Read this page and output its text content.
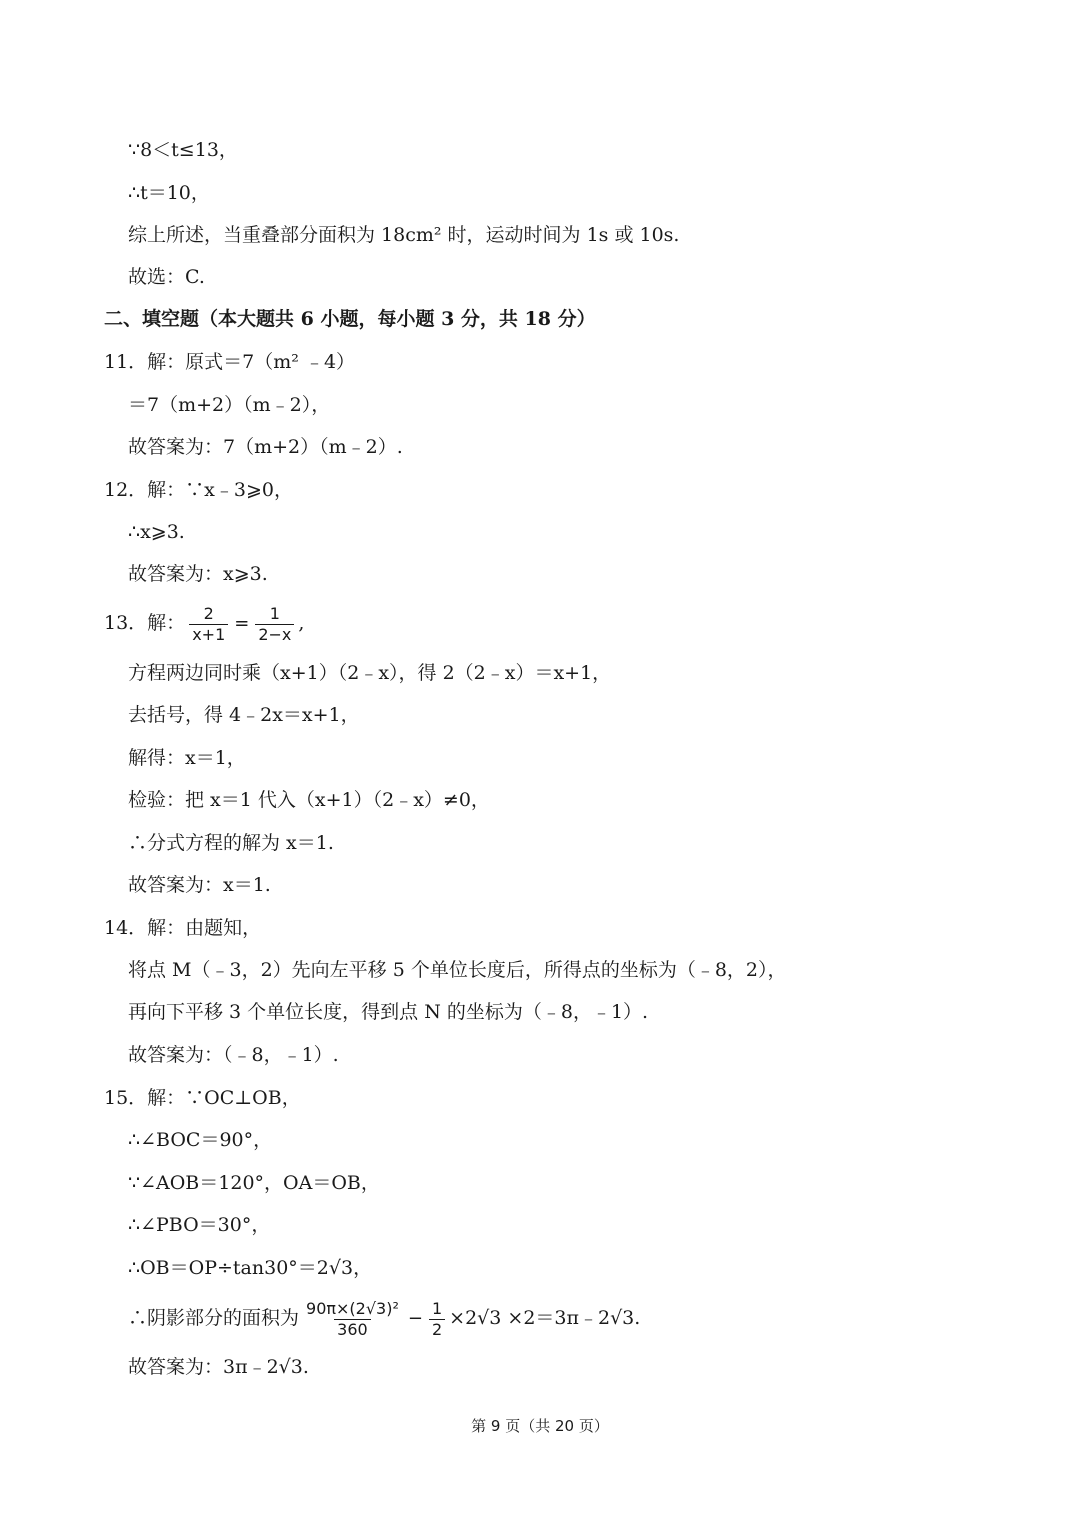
∵8＜t≤13，

∴t＝10，

综上所述，当重叠部分面积为 18cm² 时，运动时间为 1s 或 10s.

故选：C.

二、填空题（本大题共 6 小题，每小题 3 分，共 18 分）

11．解：原式＝7（m² ﹣4）

＝7（m+2）（m﹣2），

故答案为：7（m+2）（m﹣2）.

12．解：∵x﹣3⩾0，

∴x⩾3.

故答案为：x⩾3.

13．解： $\frac{2}{x+1} = \frac{1}{2-x}$ ,

方程两边同时乘（x+1）（2﹣x），得 2（2﹣x）＝x+1，

去括号，得 4﹣2x＝x+1，

解得：x＝1，

检验：把 x＝1 代入（x+1）（2﹣x）≠0，

∴分式方程的解为 x＝1.

故答案为：x＝1.

14．解：由题知，

将点 M（﹣3，2）先向左平移 5 个单位长度后，所得点的坐标为（﹣8，2），

再向下平移 3 个单位长度，得到点 N 的坐标为（﹣8，﹣1）.

故答案为：（﹣8，﹣1）.

15．解：∵OC⊥OB，

∴∠BOC＝90°，

∵∠AOB＝120°，OA＝OB，

∴∠PBO＝30°，

∴OB＝OP÷tan30°＝2√3，

∴阴影部分的面积为 $\frac{\text{90π×(2√3)²}}{360} - \frac{1}{2} \times 2√3$ ×2＝3π﹣2√3.

故答案为：3π﹣2√3.

第 9 页（共 20 页）
